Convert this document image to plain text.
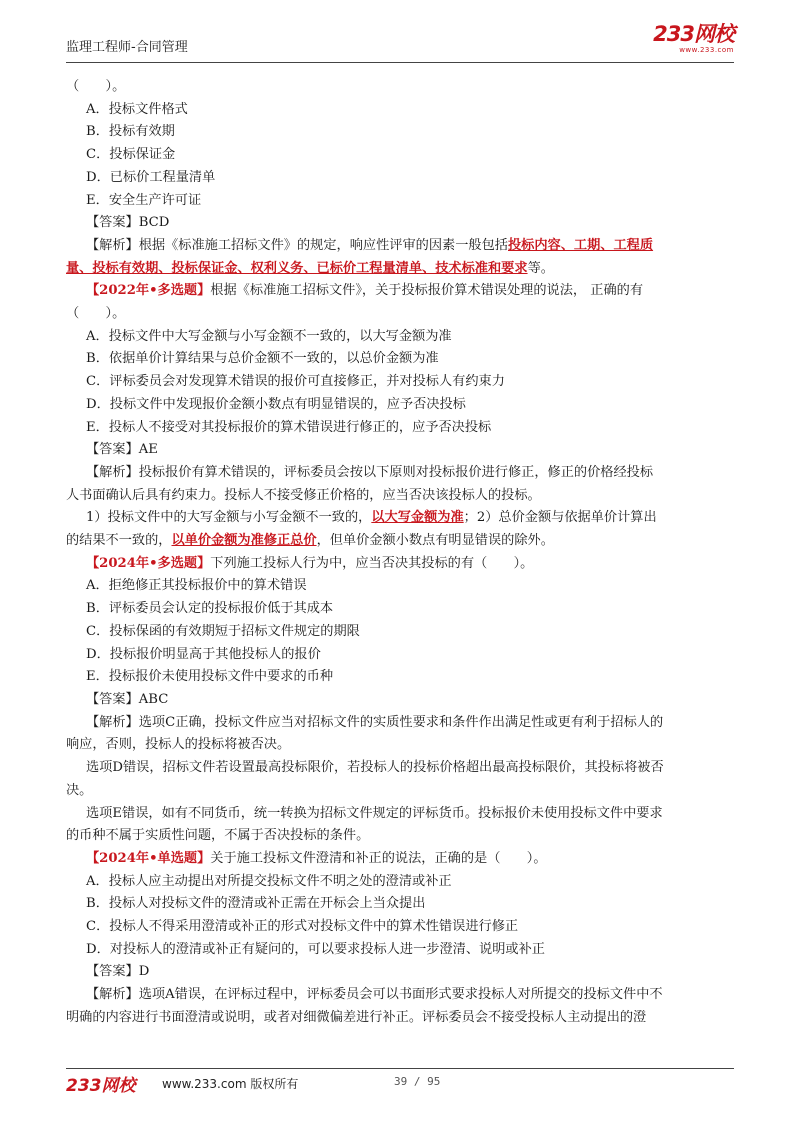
监理工程师-合同管理
233网校
www.233.com
（　　）。
A．投标文件格式
B．投标有效期
C．投标保证金
D．已标价工程量清单
E．安全生产许可证
【答案】BCD
【解析】根据《标准施工招标文件》的规定，响应性评审的因素一般包括投标内容、工期、工程质
量、投标有效期、投标保证金、权利义务、已标价工程量清单、技术标准和要求等。
【2022年•多选题】根据《标准施工招标文件》，关于投标报价算术错误处理的说法， 正确的有
（　　）。
A．投标文件中大写金额与小写金额不一致的，以大写金额为准
B．依据单价计算结果与总价金额不一致的，以总价金额为准
C．评标委员会对发现算术错误的报价可直接修正，并对投标人有约束力
D．投标文件中发现报价金额小数点有明显错误的，应予否决投标
E．投标人不接受对其投标报价的算术错误进行修正的，应予否决投标
【答案】AE
【解析】投标报价有算术错误的，评标委员会按以下原则对投标报价进行修正，修正的价格经投标
人书面确认后具有约束力。投标人不接受修正价格的，应当否决该投标人的投标。
1）投标文件中的大写金额与小写金额不一致的，以大写金额为准；2）总价金额与依据单价计算出
的结果不一致的，以单价金额为准修正总价，但单价金额小数点有明显错误的除外。
【2024年•多选题】下列施工投标人行为中，应当否决其投标的有（　　）。
A．拒绝修正其投标报价中的算术错误
B．评标委员会认定的投标报价低于其成本
C．投标保函的有效期短于招标文件规定的期限
D．投标报价明显高于其他投标人的报价
E．投标报价未使用投标文件中要求的币种
【答案】ABC
【解析】选项C正确，投标文件应当对招标文件的实质性要求和条件作出满足性或更有利于招标人的
响应，否则，投标人的投标将被否决。
选项D错误，招标文件若设置最高投标限价，若投标人的投标价格超出最高投标限价，其投标将被否
决。
选项E错误，如有不同货币，统一转换为招标文件规定的评标货币。投标报价未使用投标文件中要求
的币种不属于实质性问题，不属于否决投标的条件。
【2024年•单选题】关于施工投标文件澄清和补正的说法，正确的是（　　）。
A．投标人应主动提出对所提交投标文件不明之处的澄清或补正
B．投标人对投标文件的澄清或补正需在开标会上当众提出
C．投标人不得采用澄清或补正的形式对投标文件中的算术性错误进行修正
D．对投标人的澄清或补正有疑问的，可以要求投标人进一步澄清、说明或补正
【答案】D
【解析】选项A错误，在评标过程中，评标委员会可以书面形式要求投标人对所提交的投标文件中不
明确的内容进行书面澄清或说明，或者对细微偏差进行补正。评标委员会不接受投标人主动提出的澄
233网校 www.233.com 版权所有	39 / 95
